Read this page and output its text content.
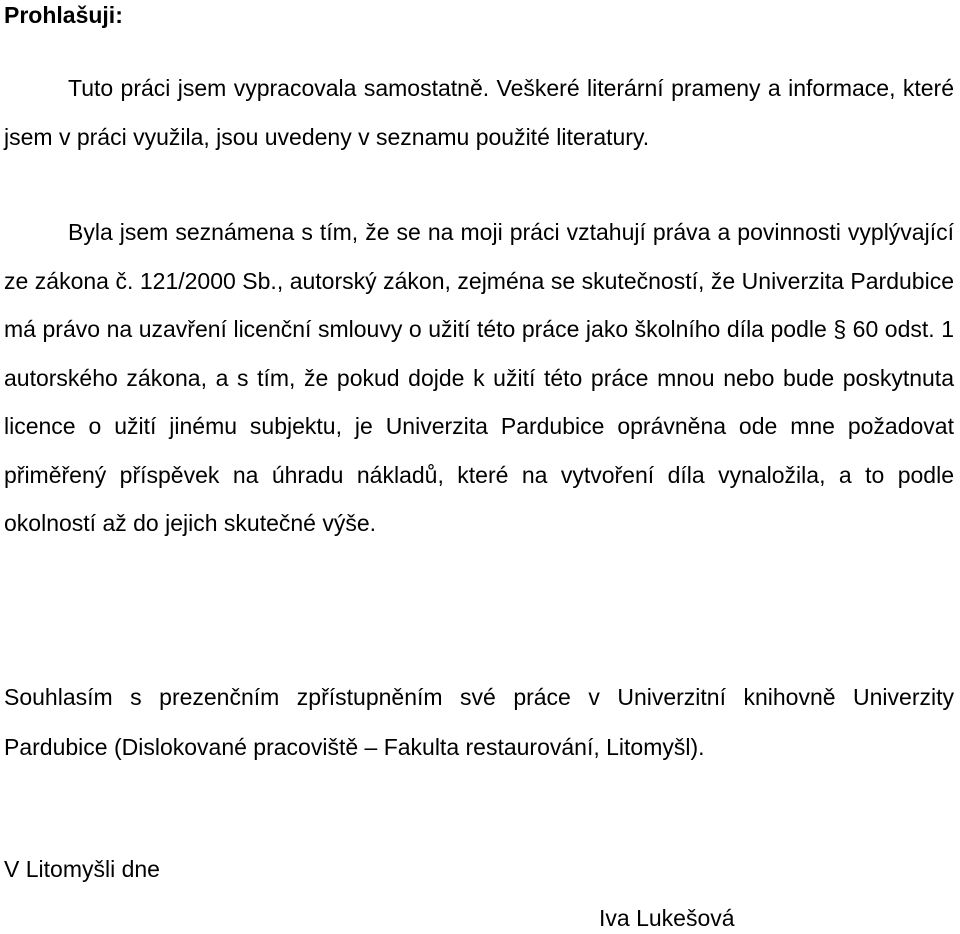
Prohlašuji:

Tuto práci jsem vypracovala samostatně. Veškeré literární prameny a informace, které jsem v práci využila, jsou uvedeny v seznamu použité literatury.

Byla jsem seznámena s tím, že se na moji práci vztahují práva a povinnosti vyplývající ze zákona č. 121/2000 Sb., autorský zákon, zejména se skutečností, že Univerzita Pardubice má právo na uzavření licenční smlouvy o užití této práce jako školního díla podle § 60 odst. 1 autorského zákona, a s tím, že pokud dojde k užití této práce mnou nebo bude poskytnuta licence o užití jinému subjektu, je Univerzita Pardubice oprávněna ode mne požadovat přiměřený příspěvek na úhradu nákladů, které na vytvoření díla vynaložila, a to podle okolností až do jejich skutečné výše.

Souhlasím s prezenčním zpřístupněním své práce v Univerzitní knihovně Univerzity Pardubice (Dislokované pracoviště – Fakulta restaurování, Litomyšl).

V Litomyšli dne

Iva Lukešová
